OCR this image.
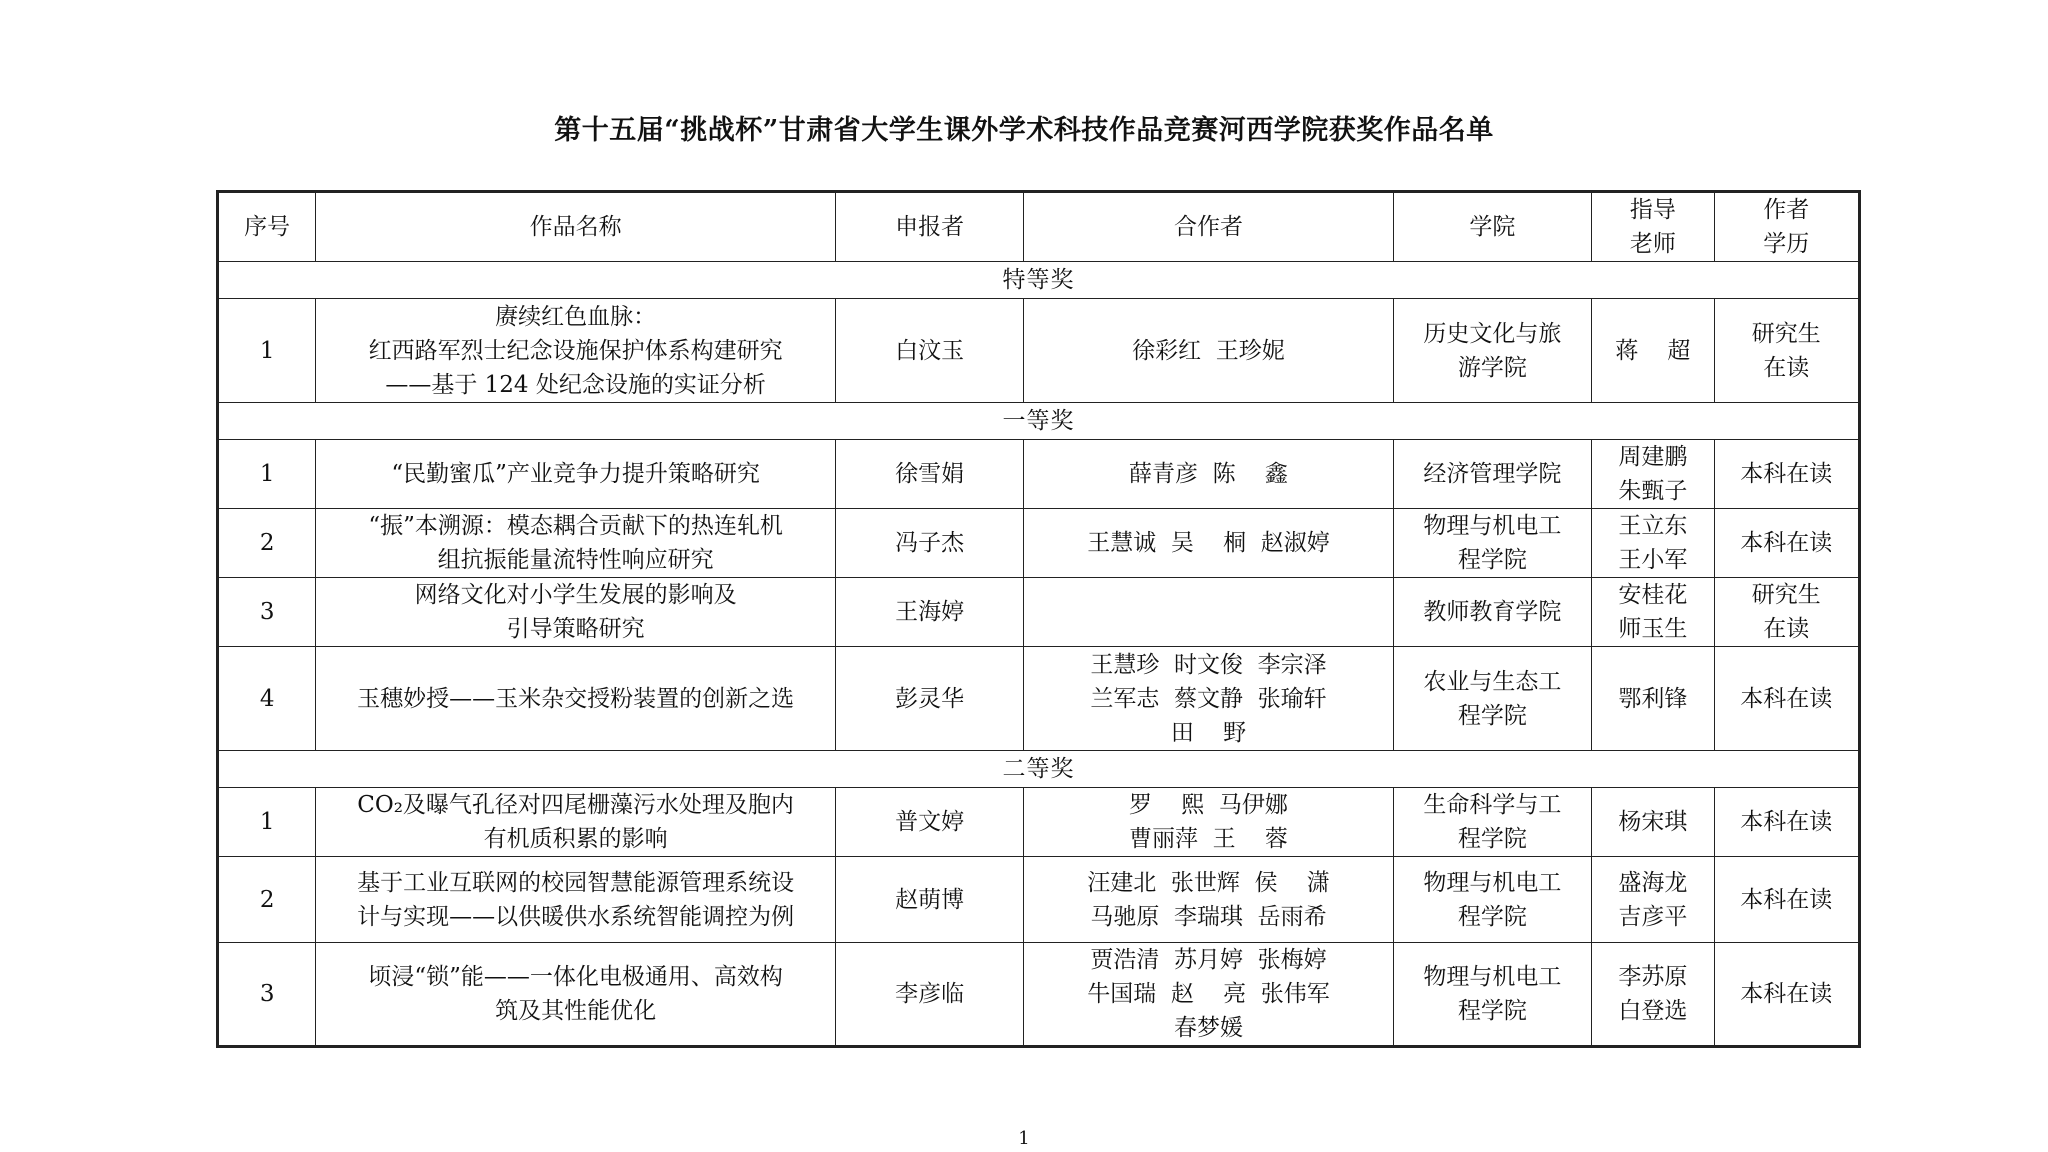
第十五届“挑战杯”甘肃省大学生课外学术科技作品竞赛河西学院获奖作品名单
序号	作品名称	申报者	合作者	学院	指导
老师	作者
学历

特等奖						
1	赓续红色血脉：
红西路军烈士纪念设施保护体系构建研究
——基于 124 处纪念设施的实证分析	白汶玉	徐彩红  王珍妮	历史文化与旅
游学院	蒋    超	研究生
在读

一等奖						
1	“民勤蜜瓜”产业竞争力提升策略研究	徐雪娟	薛青彦  陈    鑫	经济管理学院	周建鹏
朱甄子	本科在读

2	“振”本溯源：模态耦合贡献下的热连轧机
组抗振能量流特性响应研究	冯子杰	王慧诚  吴    桐  赵淑婷	物理与机电工
程学院	王立东
王小军	本科在读

3	网络文化对小学生发展的影响及
引导策略研究	王海婷		教师教育学院	安桂花
师玉生	研究生
在读

4	玉穗妙授——玉米杂交授粉装置的创新之选	彭灵华	王慧珍  时文俊  李宗泽
兰军志  蔡文静  张瑜轩
田    野	农业与生态工
程学院	鄂利锋	本科在读

二等奖						
1	CO₂及曝气孔径对四尾栅藻污水处理及胞内
有机质积累的影响	普文婷	罗    熙  马伊娜
曹丽萍  王    蓉	生命科学与工
程学院	杨宋琪	本科在读

2	基于工业互联网的校园智慧能源管理系统设
计与实现——以供暖供水系统智能调控为例	赵萌博	汪建北  张世辉  侯    潇
马驰原  李瑞琪  岳雨希	物理与机电工
程学院	盛海龙
吉彦平	本科在读

3	顷浸“锁”能——一体化电极通用、高效构
筑及其性能优化	李彦临	贾浩清  苏月婷  张梅婷
牛国瑞  赵    亮  张伟军
春梦媛	物理与机电工
程学院	李苏原
白登选	本科在读
1
